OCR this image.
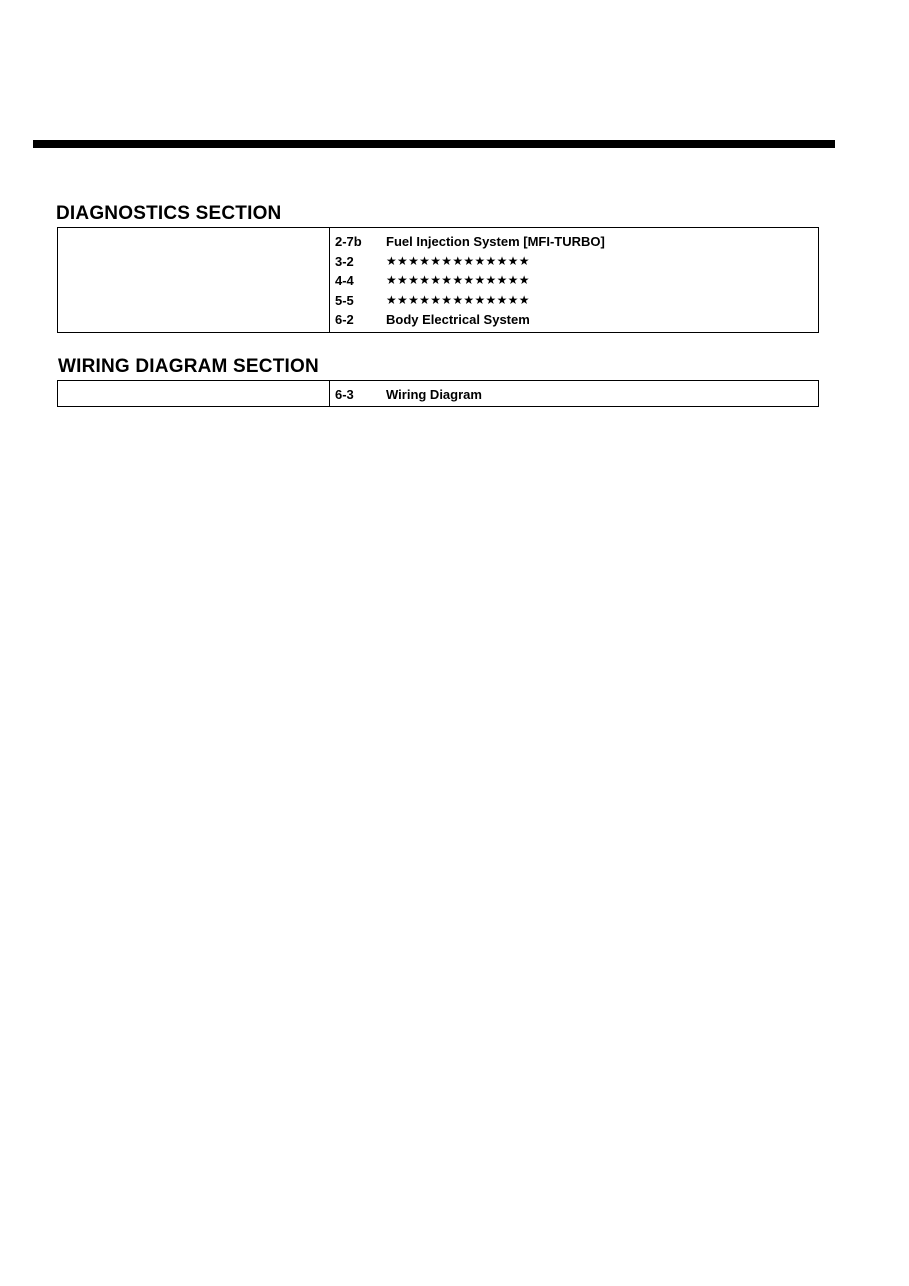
DIAGNOSTICS SECTION
2-7b Fuel Injection System [MFI-TURBO]
3-2	★★★★★★★★★★★★★
4-4	★★★★★★★★★★★★★
5-5	★★★★★★★★★★★★★
6-2 Body Electrical System
WIRING DIAGRAM SECTION
6-3 Wiring Diagram
